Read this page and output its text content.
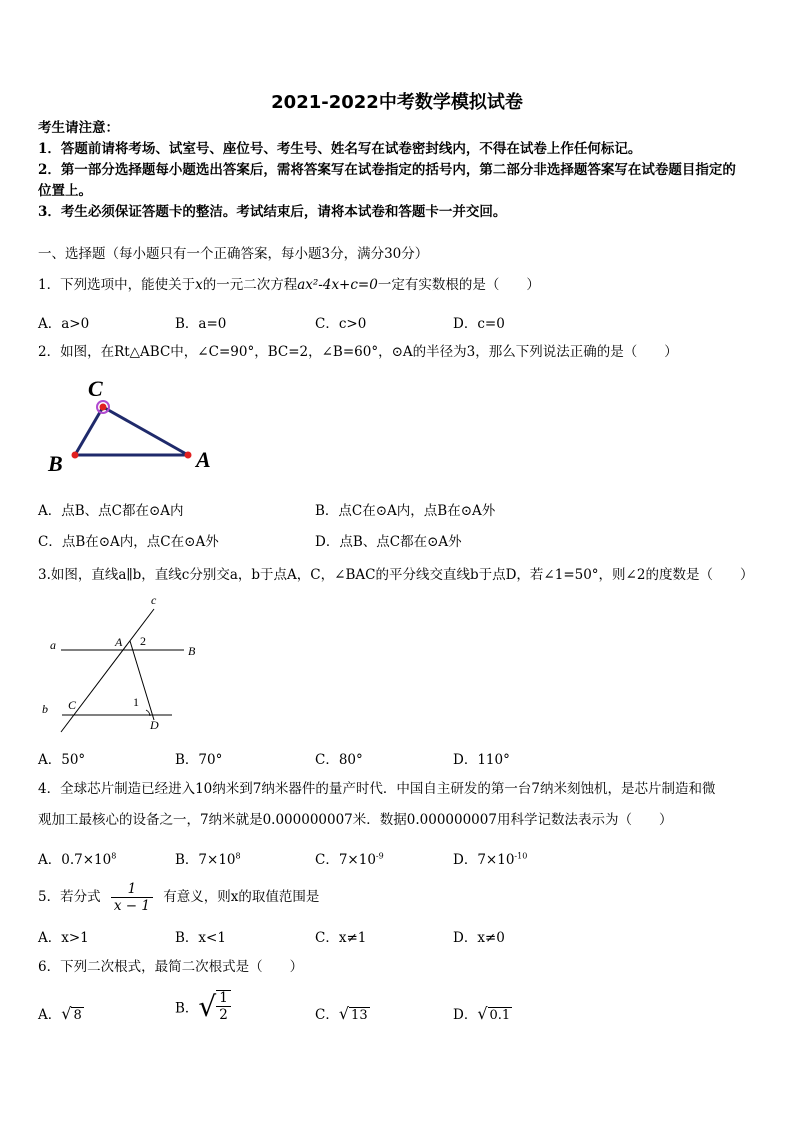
2021-2022中考数学模拟试卷
考生请注意：
1．答题前请将考场、试室号、座位号、考生号、姓名写在试卷密封线内，不得在试卷上作任何标记。
2．第一部分选择题每小题选出答案后，需将答案写在试卷指定的括号内，第二部分非选择题答案写在试卷题目指定的
位置上。
3．考生必须保证答题卡的整洁。考试结束后，请将本试卷和答题卡一并交回。
一、选择题（每小题只有一个正确答案，每小题3分，满分30分）
1．下列选项中，能使关于x的一元二次方程ax²-4x+c=0一定有实数根的是（　　）
A．a>0	B．a=0	C．c>0	D．c=0
2．如图，在Rt△ABC中，∠C=90°，BC=2，∠B=60°，⊙A的半径为3，那么下列说法正确的是（　　）
C
B	A
A．点B、点C都在⊙A内	B．点C在⊙A内，点B在⊙A外
C．点B在⊙A内，点C在⊙A外	D．点B、点C都在⊙A外
3.如图，直线a∥b，直线c分别交a，b于点A，C，∠BAC的平分线交直线b于点D，若∠1=50°，则∠2的度数是（　　）
c
a	A 2
B
b C	1
D
A．50°	B．70°	C．80°	D．110°
4．全球芯片制造已经进入10纳米到7纳米器件的量产时代．中国自主研发的第一台7纳米刻蚀机，是芯片制造和微
观加工最核心的设备之一，7纳米就是0.000000007米．数据0.000000007用科学记数法表示为（　　）
A．$0.7\times 10^8$	B．$7\times 10^8$	C．$7\times 10^{-9}$	D．$7\times 10^{-10}$
5．若分式 $\frac{1}{x - 1}$ 有意义，则x的取值范围是
A．x>1	B．x<1	C．x≠1	D．x≠0
6．下列二次根式，最简二次根式是（　　）
A．√ 8	B．√ $\frac{1}{2}$	C．√ 13	D．√ 0.1
